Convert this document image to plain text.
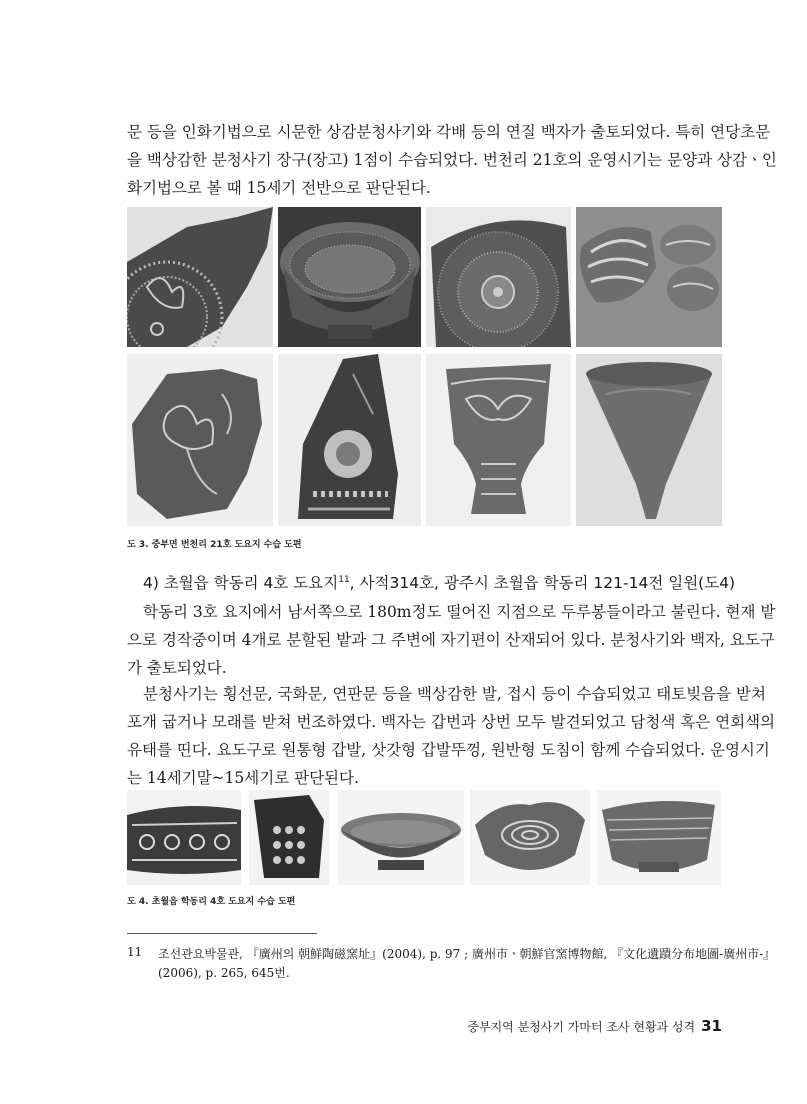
문 등을 인화기법으로 시문한 상감분청사기와 각배 등의 연질 백자가 출토되었다. 특히 연당초문
을 백상감한 분청사기 장구(장고) 1점이 수습되었다. 번천리 21호의 운영시기는 문양과 상감ㆍ인
화기법으로 볼 때 15세기 전반으로 판단된다.
도 3. 중부면 번천리 21호 도요지 수습 도편
4) 초월읍 학동리 4호 도요지$^{11}$, 사적314호, 광주시 초월읍 학동리 121-14전 일원(도4)
학동리 3호 요지에서 남서쪽으로 180m정도 떨어진 지점으로 두루봉들이라고 불린다. 현재 밭
으로 경작중이며 4개로 분할된 밭과 그 주변에 자기편이 산재되어 있다. 분청사기와 백자, 요도구
가 출토되었다.
분청사기는 횡선문, 국화문, 연판문 등을 백상감한 발, 접시 등이 수습되었고 태토빚음을 받쳐
포개 굽거나 모래를 받쳐 번조하였다. 백자는 갑번과 상번 모두 발견되었고 담청색 혹은 연회색의
유태를 띤다. 요도구로 원통형 갑발, 삿갓형 갑발뚜껑, 원반형 도침이 함께 수습되었다. 운영시기
는 14세기말~15세기로 판단된다.
도 4. 초월읍 학동리 4호 도요지 수습 도편
11 조선관요박물관, 『廣州의 朝鮮陶磁窯址』(2004), p. 97 ; 廣州市ㆍ朝鮮官窯博物館, 『文化遺蹟分布地圖-廣州市-』
(2006), p. 265, 645번.
중부지역 분청사기 가마터 조사 현황과 성격 31
